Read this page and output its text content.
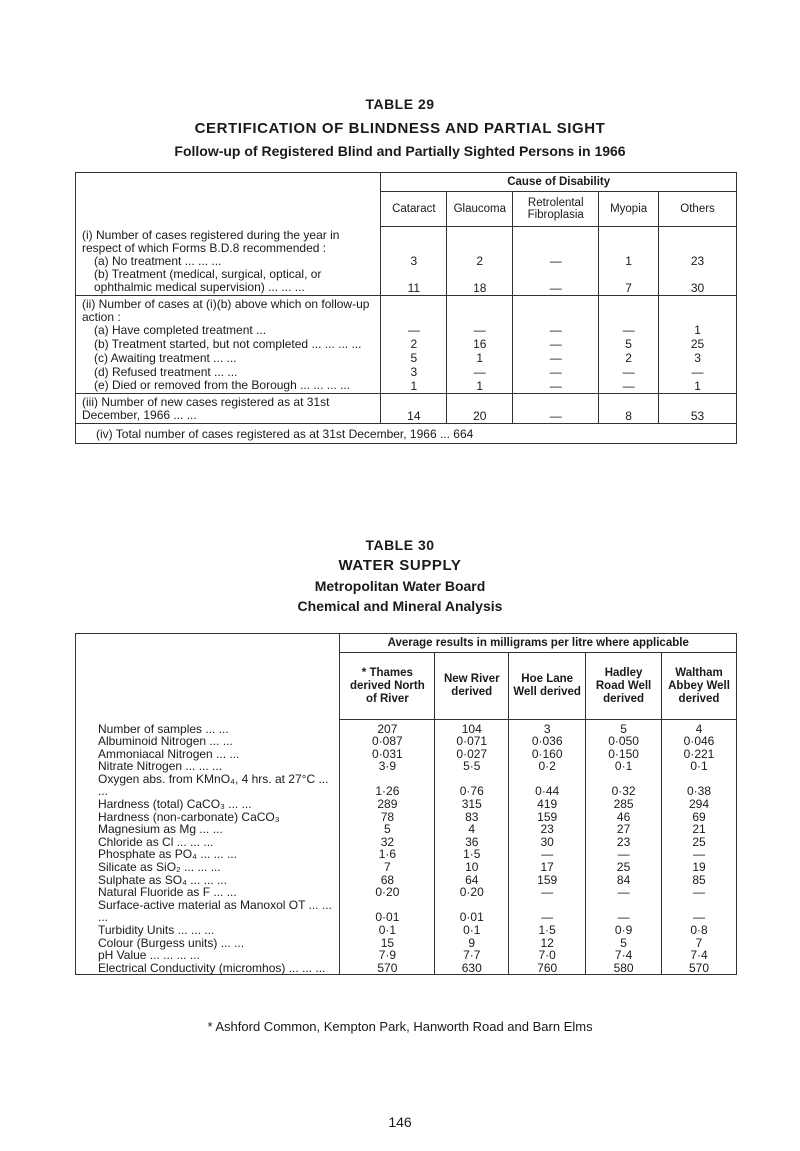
TABLE 29
CERTIFICATION OF BLINDNESS AND PARTIAL SIGHT
Follow-up of Registered Blind and Partially Sighted Persons in 1966
	Cause of Disability				
	Cataract	Glaucoma	Retrolental Fibroplasia	Myopia	Others
(i) Number of cases registered during the year in respect of which Forms B.D.8 recommended :
(a) No treatment ... ... ...	3	2	—	1	23

(b) Treatment (medical, surgical, optical, or ophthalmic medical supervision) ... ... ...	11	18	—	7	30
(ii) Number of cases at (i)(b) above which on follow-up action :
(a) Have completed treatment ...	—	—	—	—	1

(b) Treatment started, but not completed ... ... ... ...	2	16	—	5	25

(c) Awaiting treatment ... ...	5	1	—	2	3

(d) Refused treatment ... ...	3	—	—	—	—

(e) Died or removed from the Borough ... ... ... ...	1	1	—	—	1
(iii) Number of new cases registered as at 31st December, 1966 ... ...	14	20	—	8	53
(iv) Total number of cases registered as at 31st December, 1966 ... 664					
TABLE 30
WATER SUPPLY
Metropolitan Water Board
Chemical and Mineral Analysis
	Average results in milligrams per litre where applicable				
	* Thames derived North of River	New River derived	Hoe Lane Well derived	Hadley Road Well derived	Waltham Abbey Well derived
Number of samples ... ...	207	104	3	5	4
Albuminoid Nitrogen ... ...	0·087	0·071	0·036	0·050	0·046
Ammoniacal Nitrogen ... ...	0·031	0·027	0·160	0·150	0·221
Nitrate Nitrogen ... ... ...	3·9	5·5	0·2	0·1	0·1
Oxygen abs. from KMnO₄, 4 hrs. at 27°C ... ...	1·26	0·76	0·44	0·32	0·38
Hardness (total) CaCO₃ ... ...	289	315	419	285	294
Hardness (non-carbonate) CaCO₃	78	83	159	46	69
Magnesium as Mg ... ...	5	4	23	27	21
Chloride as Cl ... ... ...	32	36	30	23	25
Phosphate as PO₄ ... ... ...	1·6	1·5	—	—	—
Silicate as SiO₂ ... ... ...	7	10	17	25	19
Sulphate as SO₄ ... ... ...	68	64	159	84	85
Natural Fluoride as F ... ...	0·20	0·20	—	—	—
Surface-active material as Manoxol OT ... ... ...	0·01	0·01	—	—	—
Turbidity Units ... ... ...	0·1	0·1	1·5	0·9	0·8
Colour (Burgess units) ... ...	15	9	12	5	7
pH Value ... ... ... ...	7·9	7·7	7·0	7·4	7·4
Electrical Conductivity (micromhos) ... ... ...	570	630	760	580	570
* Ashford Common, Kempton Park, Hanworth Road and Barn Elms
146
